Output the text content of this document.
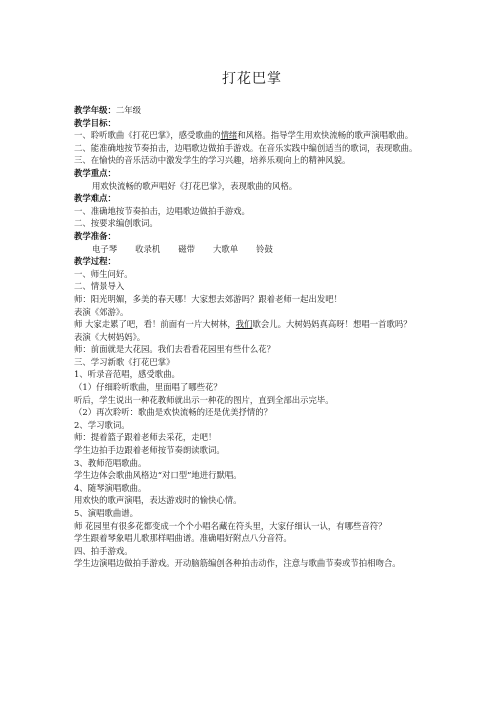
打花巴掌

教学年级：二年级

教学目标：

一、聆听歌曲《打花巴掌》，感受歌曲的情绪和风格。指导学生用欢快流畅的歌声演唱歌曲。

二、能准确地按节奏拍击，边唱歌边做拍手游戏。在音乐实践中编创适当的歌词，表现歌曲。

三、在愉快的音乐活动中激发学生的学习兴趣，培养乐观向上的精神风貌。

教学重点：

用欢快流畅的歌声唱好《打花巴掌》，表现歌曲的风格。

教学难点：

一、准确地按节奏拍击，边唱歌边做拍手游戏。

二、按要求编创歌词。

教学准备：

电子琴 收录机 磁带 大歌单 铃鼓

教学过程：

一、师生问好。

二、情景导入

师：阳光明媚，多美的春天哪！大家想去郊游吗？跟着老师一起出发吧！

表演《郊游》。

师 大家走累了吧，看！前面有一片大树林，我们歇会儿。大树妈妈真高呀！想唱一首歌吗？

表演《大树妈妈》。

师：前面就是大花园。我们去看看花园里有些什么花？

三、学习新歌《打花巴掌》

1、听录音范唱，感受歌曲。

（1）仔细聆听歌曲，里面唱了哪些花？

听后，学生说出一种花教师就出示一种花的图片，直到全部出示完毕。

（2）再次聆听：歌曲是欢快流畅的还是优美抒情的？

2、学习歌词。

师：提着篮子跟着老师去采花，走吧！

学生边拍手边跟着老师按节奏朗读歌词。

3、教师范唱歌曲。

学生边体会歌曲风格边“对口型”地进行默唱。

4、随琴演唱歌曲。

用欢快的歌声演唱，表达游戏时的愉快心情。

5、演唱歌曲谱。

师 花园里有很多花都变成一个个小唱名藏在符头里，大家仔细认一认，有哪些音符？

学生跟着琴象唱儿歌那样唱曲谱。准确唱好附点八分音符。

四、拍手游戏。

学生边演唱边做拍手游戏。开动脑筋编创各种拍击动作，注意与歌曲节奏或节拍相吻合。
